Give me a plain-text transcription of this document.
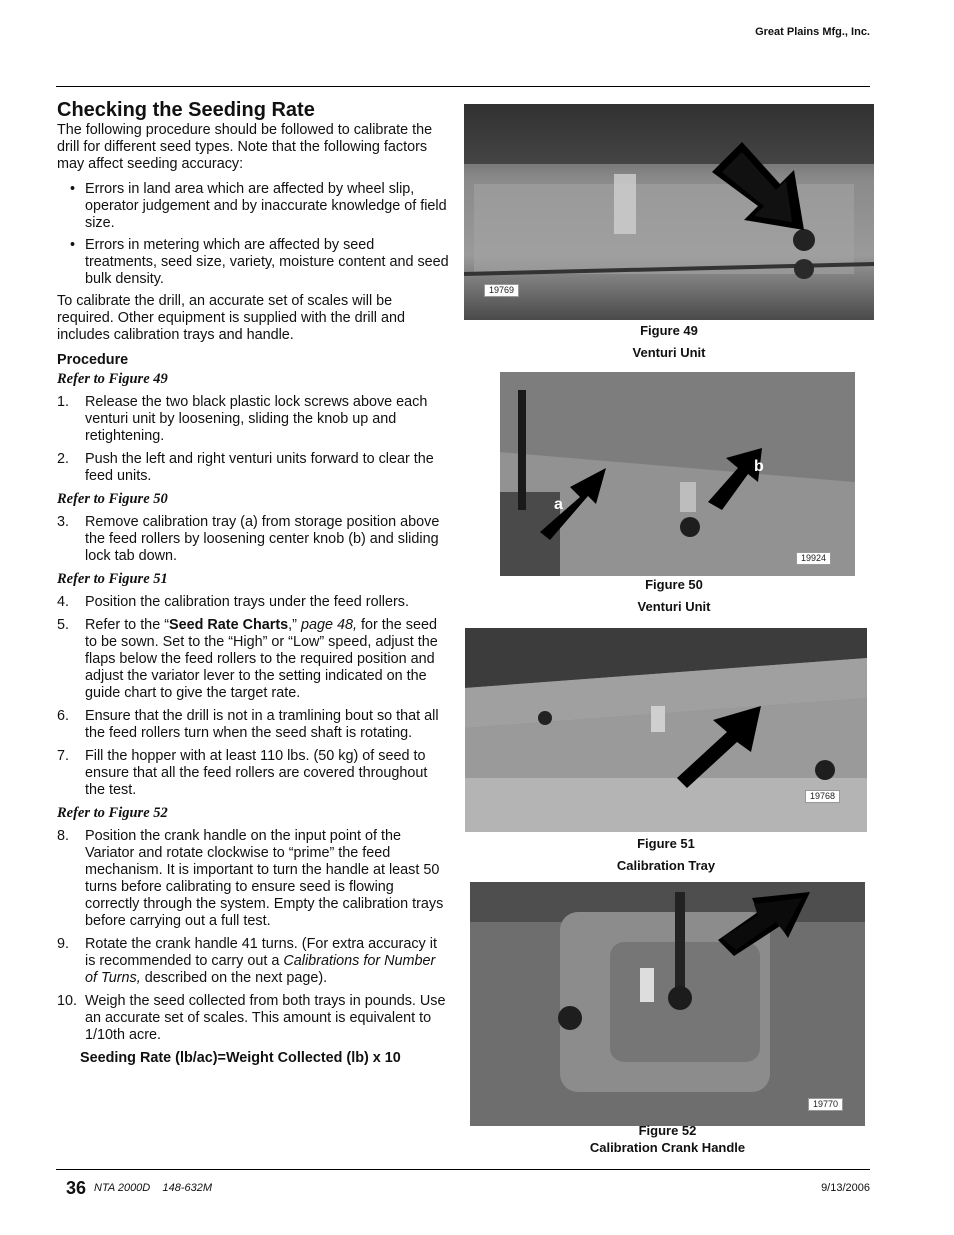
Great Plains Mfg., Inc.
Checking the Seeding Rate

The following procedure should be followed to calibrate the drill for different seed types. Note that the following factors may affect seeding accuracy:

• Errors in land area which are affected by wheel slip, operator judgement and by inaccurate knowledge of field size.
• Errors in metering which are affected by seed treatments, seed size, variety, moisture content and seed bulk density.

To calibrate the drill, an accurate set of scales will be required. Other equipment is supplied with the drill and includes calibration trays and handle.

Procedure

Refer to Figure 49

1. Release the two black plastic lock screws above each venturi unit by loosening, sliding the knob up and retightening.
2. Push the left and right venturi units forward to clear the feed units.

Refer to Figure 50

3. Remove calibration tray (a) from storage position above the feed rollers by loosening center knob (b) and sliding lock tab down.

Refer to Figure 51

4. Position the calibration trays under the feed rollers.
5. Refer to the “Seed Rate Charts,” page 48, for the seed to be sown. Set to the “High” or “Low” speed, adjust the flaps below the feed rollers to the required position and adjust the variator lever to the setting indicated on the guide chart to give the target rate.
6. Ensure that the drill is not in a tramlining bout so that all the feed rollers turn when the seed shaft is rotating.
7. Fill the hopper with at least 110 lbs. (50 kg) of seed to ensure that all the feed rollers are covered throughout the test.

Refer to Figure 52

8. Position the crank handle on the input point of the Variator and rotate clockwise to “prime” the feed mechanism. It is important to turn the handle at least 50 turns before calibrating to ensure seed is flowing correctly through the system. Empty the calibration trays before carrying out a full test.
9. Rotate the crank handle 41 turns. (For extra accuracy it is recommended to carry out a Calibrations for Number of Turns, described on the next page).
10. Weigh the seed collected from both trays in pounds. Use an accurate set of scales. This amount is equivalent to 1/10th acre.

Seeding Rate (lb/ac)=Weight Collected (lb) x 10

19769
Figure 49
Venturi Unit
a
b
19924
Figure 50
Venturi Unit
19768
Figure 51
Calibration Tray
19770
Figure 52
Calibration Crank Handle
36 NTA 2000D 148-632M	9/13/2006
